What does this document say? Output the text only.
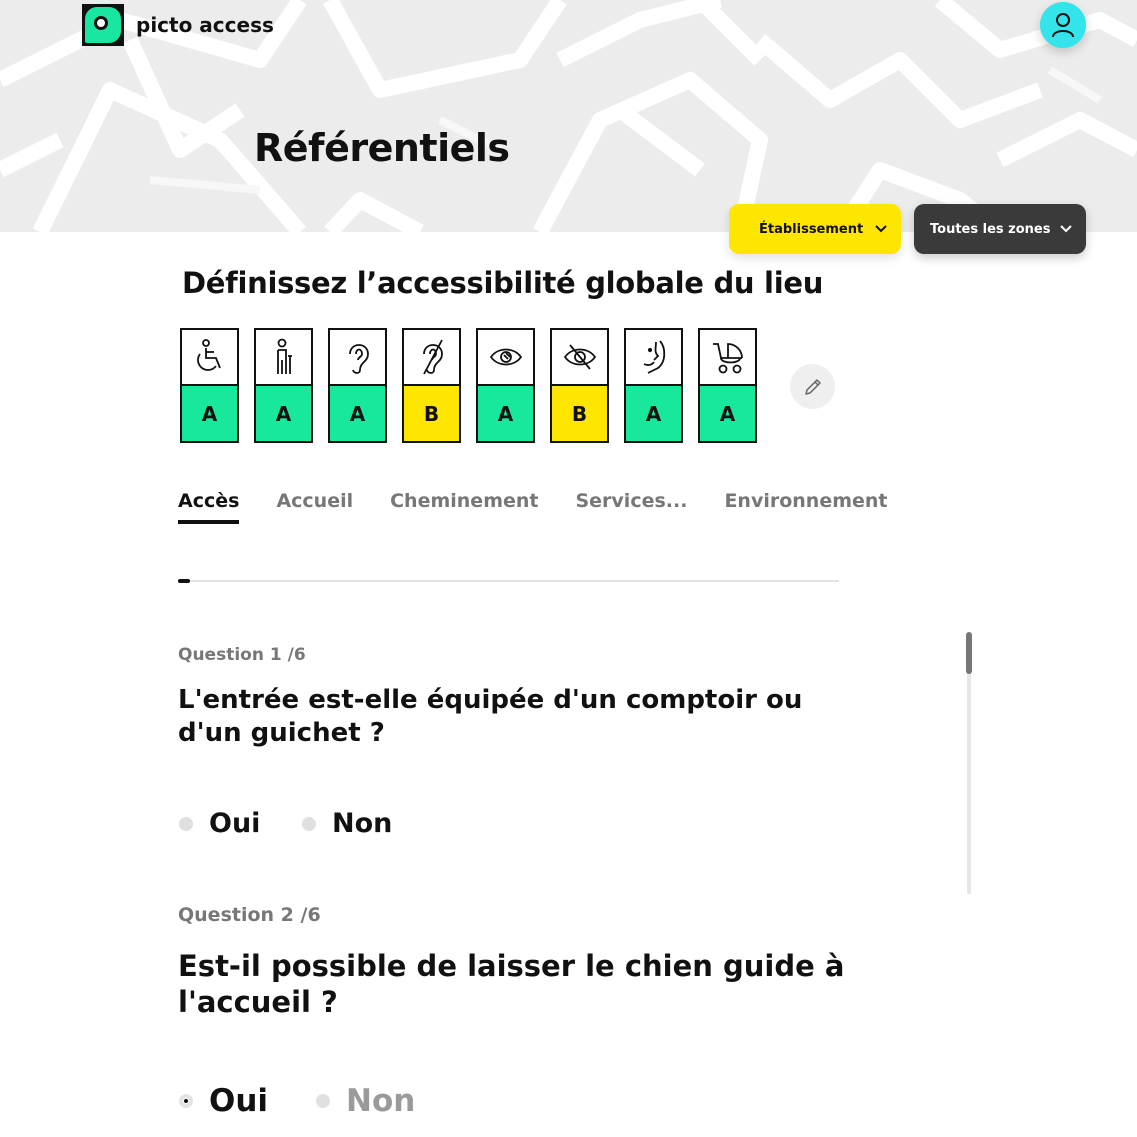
picto access
Référentiels
Établissement	Toutes les zones
Définissez l’accessibilité globale du lieu
A	A	A	B	A	B	A	A
Accès Accueil Cheminement Services... Environnement
Question 1 /6
L'entrée est-elle équipée d'un comptoir ou d'un guichet ?
Oui	Non
Question 2 /6
Est-il possible de laisser le chien guide à l'accueil ?
Oui	Non
